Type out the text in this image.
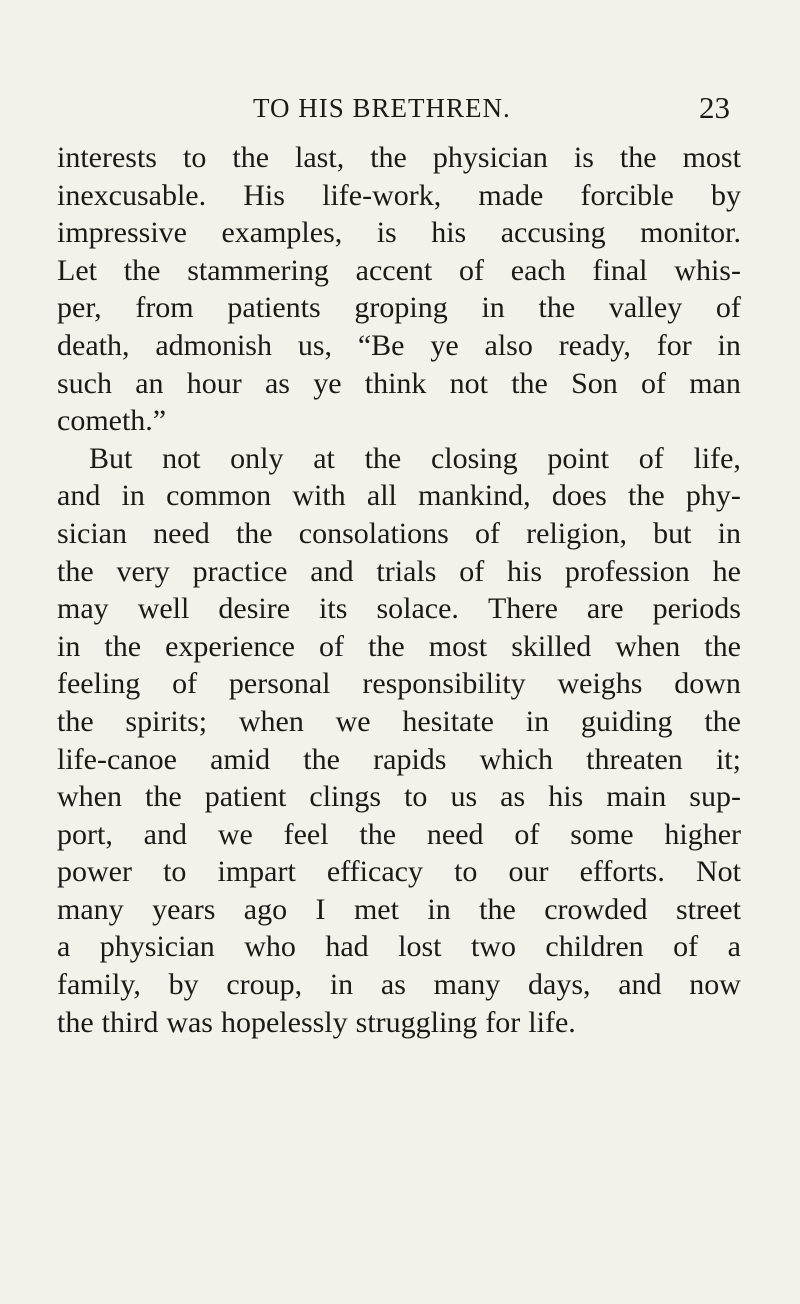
TO HIS BRETHREN.	23
interests to the last, the physician is the most
inexcusable. His life-work, made forcible by
impressive examples, is his accusing monitor.
Let the stammering accent of each final whis-
per, from patients groping in the valley of
death, admonish us, “Be ye also ready, for in
such an hour as ye think not the Son of man
cometh.”
But not only at the closing point of life,
and in common with all mankind, does the phy-
sician need the consolations of religion, but in
the very practice and trials of his profession he
may well desire its solace. There are periods
in the experience of the most skilled when the
feeling of personal responsibility weighs down
the spirits; when we hesitate in guiding the
life-canoe amid the rapids which threaten it;
when the patient clings to us as his main sup-
port, and we feel the need of some higher
power to impart efficacy to our efforts. Not
many years ago I met in the crowded street
a physician who had lost two children of a
family, by croup, in as many days, and now
the third was hopelessly struggling for life.
